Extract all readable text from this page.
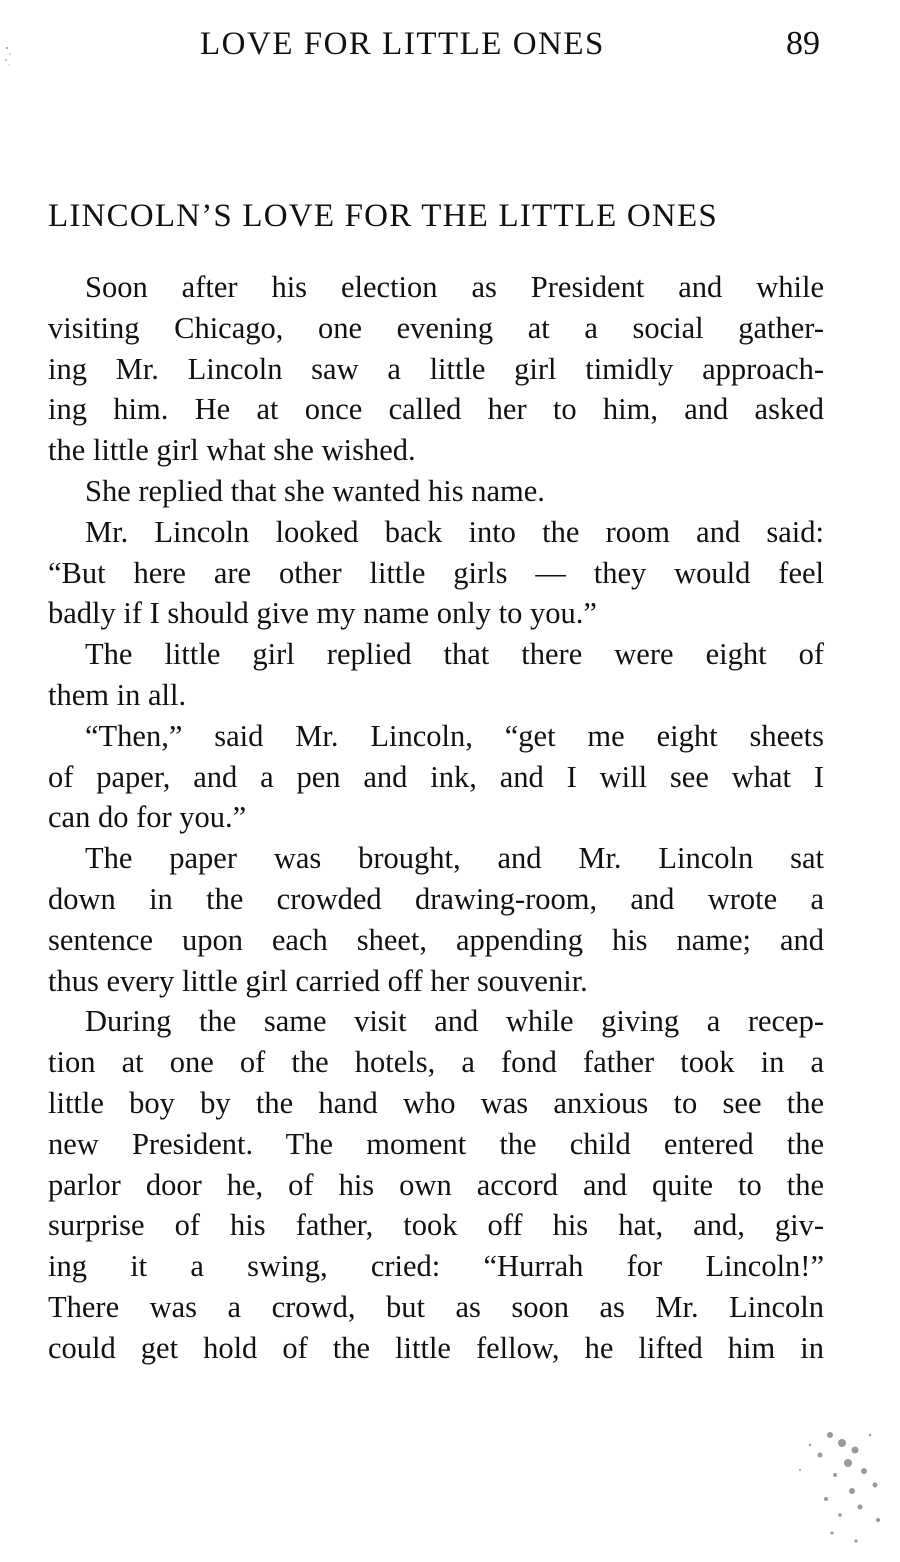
LOVE FOR LITTLE ONES	89
LINCOLN’S LOVE FOR THE LITTLE ONES

Soon after his election as President and while
visiting Chicago, one evening at a social gather-
ing Mr. Lincoln saw a little girl timidly approach-
ing him. He at once called her to him, and asked
the little girl what she wished.

She replied that she wanted his name.

Mr. Lincoln looked back into the room and said:
“But here are other little girls — they would feel
badly if I should give my name only to you.”

The little girl replied that there were eight of
them in all.

“Then,” said Mr. Lincoln, “get me eight sheets
of paper, and a pen and ink, and I will see what I
can do for you.”

The paper was brought, and Mr. Lincoln sat
down in the crowded drawing-room, and wrote a
sentence upon each sheet, appending his name; and
thus every little girl carried off her souvenir.

During the same visit and while giving a recep-
tion at one of the hotels, a fond father took in a
little boy by the hand who was anxious to see the
new President. The moment the child entered the
parlor door he, of his own accord and quite to the
surprise of his father, took off his hat, and, giv-
ing it a swing, cried: “Hurrah for Lincoln!”
There was a crowd, but as soon as Mr. Lincoln
could get hold of the little fellow, he lifted him in
